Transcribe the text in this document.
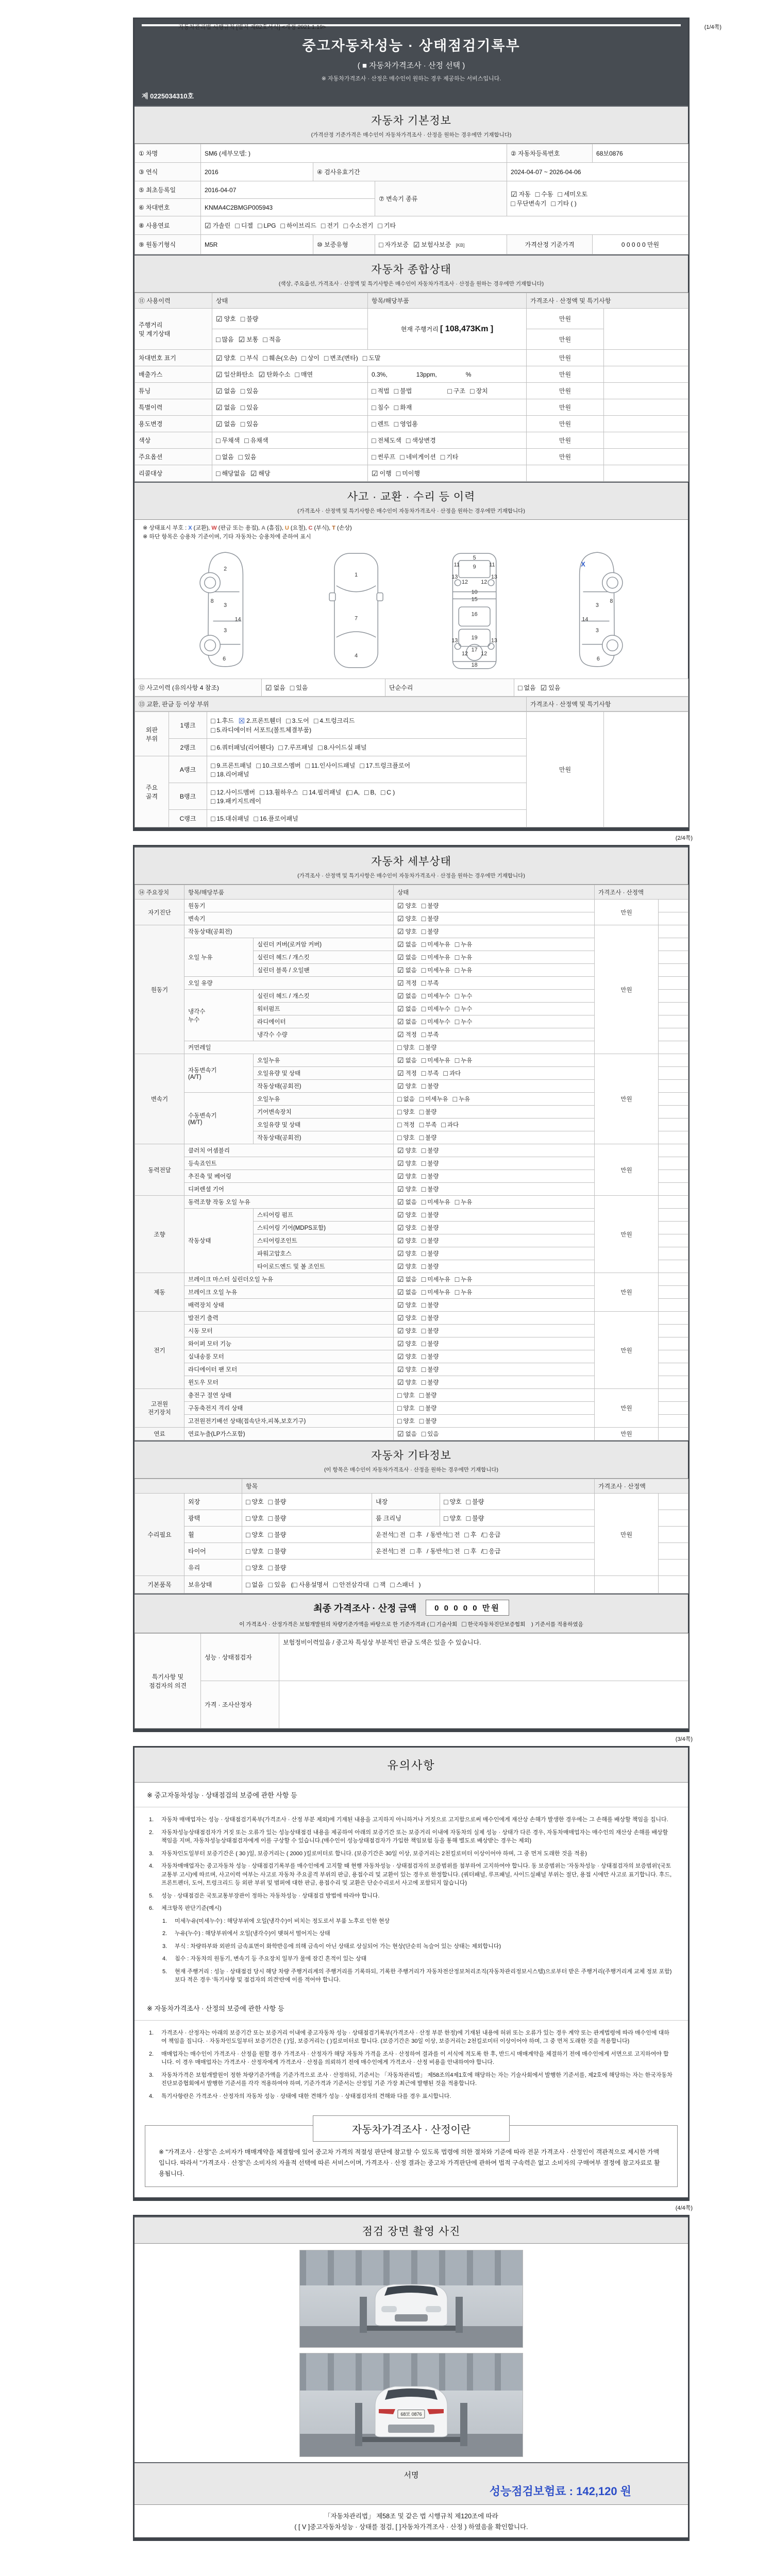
자동차관리법 시행규칙 [별지 제82호서식] <개정 2021.1.19>	(1/4쪽)
중고자동차성능 · 상태점검기록부
( ■ 자동차가격조사 · 산정 선택 )
※ 자동차가격조사 · 산정은 매수인이 원하는 경우 제공하는 서비스입니다.
제 0225034310호
자동차 기본정보
(가격산정 기준가격은 매수인이 자동차가격조사 · 산정을 원하는 경우에만 기재합니다)
① 차명	SM6 (세부모델: )			② 자동차등록번호	68보0876
③ 연식	2016	④ 검사유효기간		2024-04-07 ~ 2026-04-06	
⑤ 최초등록일	2016-04-07		⑦ 변속기 종류	☑ 자동 □ 수동 □ 세미오토
□ 무단변속기 □ 기타 ( )	
⑥ 차대번호	KNMA4C2BMGP005943				
⑧ 사용연료	☑ 가솔린 □ 디젤 □ LPG □ 하이브리드 □ 전기 □ 수소전기 □ 기타				
⑨ 원동기형식	M5R	⑩ 보증유형	□ 자가보증 ☑ 보험사보증 [KB]	가격산정 기준가격	0 0 0 0 0 만원
자동차 종합상태
(색상, 주요옵션, 가격조사 · 산정액 및 특기사항은 매수인이 자동차가격조사 · 산정을 원하는 경우에만 기재합니다)
⑪ 사용이력	상태	항목/해당부품	가격조사 · 산정액 및 특기사항	
주행거리
및 계기상태	☑ 양호 □ 불량	현재 주행거리 [ 108,473Km ]	만원	
	□ 많음 ☑ 보통 □ 적음		만원	
차대번호 표기	☑ 양호 □ 부식 □ 훼손(오손) □ 상이 □ 변조(변타) □ 도말		만원	
배출가스	☑ 일산화탄소 ☑ 탄화수소 □ 매연	0.3%, 13ppm, %	만원	
튜닝	☑ 없음 □ 있음	□ 적법 □ 불법 □ 구조 □ 장치	만원	
특별이력	☑ 없음 □ 있음	□ 침수 □ 화재	만원	
용도변경	☑ 없음 □ 있음	□ 렌트 □ 영업용	만원	
색상	□ 무채색 □ 유채색	□ 전체도색 □ 색상변경	만원	
주요옵션	□ 없음 □ 있음	□ 썬루프 □ 네비게이션 □ 기타	만원	
리콜대상	□ 해당없음 ☑ 해당	☑ 이행 □ 미이행		
사고 · 교환 · 수리 등 이력
(가격조사 · 산정액 및 특기사항은 매수인이 자동차가격조사 · 산정을 원하는 경우에만 기재합니다)
※ 상태표시 부호 : X (교환), W (판금 또는 용접), A (흠집), U (요철), C (부식), T (손상)
※ 하단 항목은 승용차 기준이며, 기타 자동차는 승용차에 준하여 표시
2
8
3
14
3
6
1
7
4
5
9
11	11
13	13
12 12
10
15
16
19
13	13
12 12
17
18
X
3
8
14
3
6
⑫ 사고이력 (유의사항 4 참조)	☑ 없음 □ 있음	단순수리	□ 없음 ☑ 있음
⑬ 교환, 판금 등 이상 부위	가격조사 · 산정액 및 특기사항
외판
부위	1랭크	□ 1.후드 ☒ 2.프론트휀더 □ 3.도어 □ 4.트렁크리드
□ 5.라디에이터 서포트(볼트체결부품)	만원	
	2랭크	□ 6.쿼터패널(리어휀다) □ 7.루프패널 □ 8.사이드실 패널		
주요
골격	A랭크	□ 9.프론트패널 □ 10.크로스멤버 □ 11.인사이드패널 □ 17.트렁크플로어
□ 18.리어패널		
	B랭크	□ 12.사이드멤버 □ 13.휠하우스 □ 14.필러패널 (□ A, □ B, □ C )
□ 19.패키지트레이		
	C랭크	□ 15.대쉬패널 □ 16.플로어패널		
(2/4쪽)
자동차 세부상태
(가격조사 · 산정액 및 특기사항은 매수인이 자동차가격조사 · 산정을 원하는 경우에만 기재합니다)
⑭ 주요장치	항목/해당부품		상태	가격조사 · 산정액	
자기진단	원동기		☑ 양호 □ 불량	만원	
	변속기		☑ 양호 □ 불량		
원동기	작동상태(공회전)		☑ 양호 □ 불량	만원	
	오일 누유	실린더 커버(로커암 커버)	☑ 없음 □ 미세누유 □ 누유		
		실린더 헤드 / 개스킷	☑ 없음 □ 미세누유 □ 누유		
		실린더 블록 / 오일팬	☑ 없음 □ 미세누유 □ 누유		
	오일 유량		☑ 적정 □ 부족		
	냉각수
누수	실린더 헤드 / 개스킷	☑ 없음 □ 미세누수 □ 누수		
		워터펌프	☑ 없음 □ 미세누수 □ 누수		
		라디에이터	☑ 없음 □ 미세누수 □ 누수		
		냉각수 수량	☑ 적정 □ 부족		
	커먼레일		□ 양호 □ 불량		
변속기	자동변속기
(A/T)	오일누유	☑ 없음 □ 미세누유 □ 누유	만원	
		오일유량 및 상태	☑ 적정 □ 부족 □ 과다		
		작동상태(공회전)	☑ 양호 □ 불량		
	수동변속기
(M/T)	오일누유	□ 없음 □ 미세누유 □ 누유		
		기어변속장치	□ 양호 □ 불량		
		오일유량 및 상태	□ 적정 □ 부족 □ 과다		
		작동상태(공회전)	□ 양호 □ 불량		
동력전달	클러치 어셈블리		☑ 양호 □ 불량	만원	
	등속죠인트		☑ 양호 □ 불량		
	추진축 및 베어링		☑ 양호 □ 불량		
	디퍼렌셜 기어		☑ 양호 □ 불량		
조향	동력조향 작동 오일 누유		☑ 없음 □ 미세누유 □ 누유	만원	
	작동상태	스티어링 펌프	☑ 양호 □ 불량		
		스티어링 기어(MDPS포함)	☑ 양호 □ 불량		
		스티어링조인트	☑ 양호 □ 불량		
		파워고압호스	☑ 양호 □ 불량		
		타이로드엔드 및 볼 조인트	☑ 양호 □ 불량		
제동	브레이크 마스터 실린더오일 누유		☑ 없음 □ 미세누유 □ 누유	만원	
	브레이크 오일 누유		☑ 없음 □ 미세누유 □ 누유		
	배력장치 상태		☑ 양호 □ 불량		
전기	발전기 출력		☑ 양호 □ 불량	만원	
	시동 모터		☑ 양호 □ 불량		
	와이퍼 모터 기능		☑ 양호 □ 불량		
	실내송풍 모터		☑ 양호 □ 불량		
	라디에이터 팬 모터		☑ 양호 □ 불량		
	윈도우 모터		☑ 양호 □ 불량		
고전원
전기장치	충전구 절연 상태		□ 양호 □ 불량	만원	
	구동축전지 격리 상태		□ 양호 □ 불량		
	고전원전기배선 상태(접속단자,피복,보호기구)		□ 양호 □ 불량		
연료	연료누출(LP가스포함)		☑ 없음 □ 있음	만원	
자동차 기타정보
(이 항목은 매수인이 자동차가격조사 · 산정을 원하는 경우에만 기재합니다)
		항목			가격조사 · 산정액	
수리필요	외장	□ 양호 □ 불량	내장	□ 양호 □ 불량	만원	
	광택	□ 양호 □ 불량	룸 크리닝	□ 양호 □ 불량		
	휠	□ 양호 □ 불량	운전석□ 전 □ 후 / 동반석□ 전 □ 후 /□ 응급			
	타이어	□ 양호 □ 불량	운전석□ 전 □ 후 / 동반석□ 전 □ 후 /□ 응급			
	유리	□ 양호 □ 불량				
기본품목	보유상태	□ 없음 □ 있음 (□ 사용설명서 □ 안전삼각대 □ 잭 □ 스패너 )				
최종 가격조사 · 산정 금액	0 0 0 0 0 만원
이 가격조사 · 산정가격은 보험개발원의 차량기준가액을 바탕으로 한 기준가격과 ( □ 기술사회 □ 한국자동차진단보증협회 ) 기준서를 적용하였음
특기사항 및
점검자의 의견	성능 · 상태점검자	보험정비이력있음 / 중고차 특성상 부분적인 판금 도색은 있을 수 있습니다.
	가격 · 조사산정자	
(3/4쪽)
유의사항
※ 중고자동차성능 · 상태점검의 보증에 관한 사항 등
1. 자동차 매매업자는 성능 · 상태점검기록부(가격조사 · 산정 부분 제외)에 기재된 내용을 고지하지 아니하거나 거짓으로 고지함으로써 매수인에게 재산상 손해가 발생한 경우에는 그 손해를 배상할 책임을 집니다.
2. 자동차성능상태점검자가 거짓 또는 오류가 있는 성능상태점검 내용을 제공하여 아래의 보증기간 또는 보증거리 이내에 자동차의 실제 성능 · 상태가 다른 경우, 자동차매매업자는 매수인의 재산상 손해를 배상할 책임을 지며, 자동차성능상태점검자에게 이를 구상할 수 있습니다.(매수인이 성능상태점검자가 가입한 책임보험 등을 통해 별도로 배상받는 경우는 제외)
3. 자동차인도일부터 보증기간은 ( 30 )일, 보증거리는 ( 2000 )킬로미터로 합니다. (보증기간은 30일 이상, 보증거리는 2천킬로미터 이상이어야 하며, 그 중 먼저 도래한 것을 적용)
4. 자동차매매업자는 중고자동차 성능 · 상태점검기록부를 매수인에게 고지할 때 현행 자동차성능 · 상태점검자의 보증범위를 첨부하여 고지하여야 합니다. 동 보증범위는 '자동차성능 · 상태점검자의 보증범위'(국토교통부 고시)에 따르며, 사고이력 여부는 사고로 자동차 주요골격 부위의 판금, 용접수리 및 교환이 있는 경우로 한정합니다. (쿼터패널, 루프패널, 사이드실패널 부위는 절단, 용접 시에만 사고로 표기합니다. 후드, 프론트펜더, 도어, 트렁크리드 등 외판 부위 및 범퍼에 대한 판금, 용접수리 및 교환은 단순수리로서 사고에 포함되지 않습니다)
5. 성능 · 상태점검은 국토교통부장관이 정하는 자동차성능 · 상태점검 방법에 따라야 합니다.
6. 체크항목 판단기준(예시)
1. 미세누유(미세누수) : 해당부위에 오일(냉각수)이 비치는 정도로서 부품 노후로 인한 현상
2. 누유(누수) : 해당부위에서 오일(냉각수)이 맺혀서 떨어지는 상태
3. 부식 : 차량하부와 외판의 금속표면이 화학반응에 의해 금속이 아닌 상태로 상실되어 가는 현상(단순히 녹슬어 있는 상태는 제외합니다)
4. 침수 : 자동차의 원동기, 변속기 등 주요장치 일부가 물에 잠긴 흔적이 있는 상태
5. 현재 주행거리 : 성능 · 상태점검 당시 해당 차량 주행거리계의 주행거리를 기록하되, 기록한 주행거리가 자동차전산정보처리조직(자동차관리정보시스템)으로부터 받은 주행거리(주행거리계 교체 정보 포함)보다 적은 경우 '특기사항 및 점검자의 의견'란에 이를 적어야 합니다.
※ 자동차가격조사 · 산정의 보증에 관한 사항 등
1. 가격조사 · 산정자는 아래의 보증기간 또는 보증거리 이내에 중고자동차 성능 · 상태점검기록부(가격조사 · 산정 부분 한정)에 기재된 내용에 허위 또는 오류가 있는 경우 계약 또는 관계법령에 따라 매수인에 대하여 책임을 집니다. · 자동차인도일부터 보증기간은 ( )일, 보증거리는 ( )킬로미터로 합니다. (보증기간은 30일 이상, 보증거리는 2천킬로미터 이상이어야 하며, 그 중 먼저 도래한 것을 적용합니다)
2. 매매업자는 매수인이 가격조사 · 산정을 원할 경우 가격조사 · 산정자가 해당 자동차 가격을 조사 · 산정하여 결과를 이 서식에 적도록 한 후, 반드시 매매계약을 체결하기 전에 매수인에게 서면으로 고지하여야 합니다. 이 경우 매매업자는 가격조사 · 산정자에게 가격조사 · 산정을 의뢰하기 전에 매수인에게 가격조사 · 산정 비용을 안내하여야 합니다.
3. 자동차가격은 보험개발원이 정한 차량기준가액을 기준가격으로 조사 · 산정하되, 기준서는 「자동차관리법」 제58조의4제1호에 해당하는 자는 기술사회에서 발행한 기준서를, 제2호에 해당하는 자는 한국자동차진단보증협회에서 발행한 기준서를 각각 적용하여야 하며, 기준가격과 기준서는 산정일 기준 가장 최근에 발행된 것을 적용합니다.
4. 특기사항란은 가격조사 · 산정자의 자동차 성능 · 상태에 대한 견해가 성능 · 상태점검자의 견해와 다를 경우 표시합니다.
자동차가격조사 · 산정이란
※ "가격조사 · 산정"은 소비자가 매매계약을 체결함에 있어 중고차 가격의 적절성 판단에 참고할 수 있도록 법령에 의한 절차와 기준에 따라 전문 가격조사 · 산정인이 객관적으로 제시한 가액입니다. 따라서 "가격조사 · 산정"은 소비자의 자율적 선택에 따른 서비스이며, 가격조사 · 산정 결과는 중고차 가격판단에 관하여 법적 구속력은 없고 소비자의 구매여부 결정에 참고자료로 활용됩니다.
(4/4쪽)
점검 장면 촬영 사진
68보 0876
서명
성능점검보험료 : 142,120 원
「자동차관리법」 제58조 및 같은 법 시행규칙 제120조에 따라
( [ V ]중고자동차성능 · 상태를 점검, [ ]자동차가격조사 · 산정 ) 하였음을 확인합니다.
